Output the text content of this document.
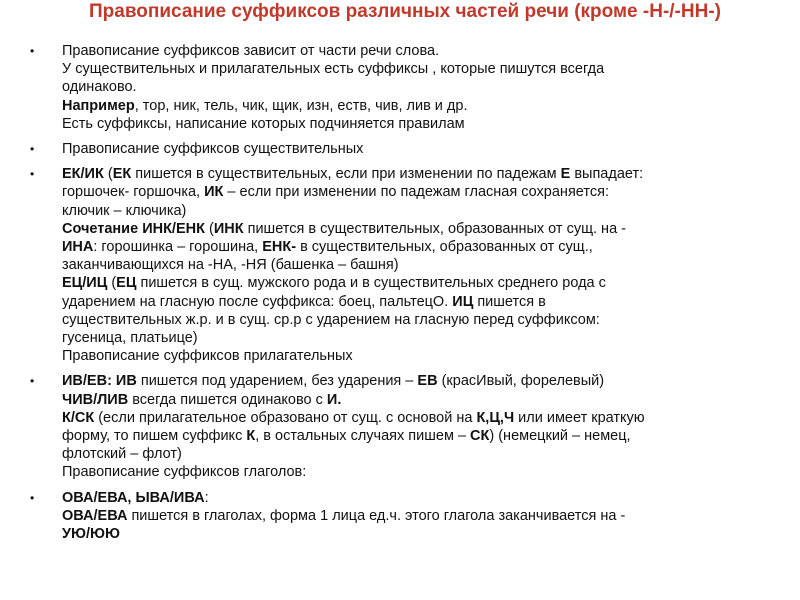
Правописание суффиксов различных частей речи (кроме -Н-/-НН-)
• Правописание суффиксов зависит от части речи слова.
У существительных и прилагательных есть суффиксы , которые пишутся всегда
одинаково.
Например, тор, ник, тель, чик, щик, изн, еств, чив, лив и др.
Есть суффиксы, написание которых подчиняется правилам
• Правописание суффиксов существительных
• ЕК/ИК (ЕК пишется в существительных, если при изменении по падежам Е выпадает:
горшочек- горшочка, ИК – если при изменении по падежам гласная сохраняется:
ключик – ключика)
Сочетание ИНК/ЕНК (ИНК пишется в существительных, образованных от сущ. на -
ИНА: горошинка – горошина, ЕНК- в существительных, образованных от сущ.,
заканчивающихся на -НА, -НЯ (башенка – башня)
ЕЦ/ИЦ (ЕЦ пишется в сущ. мужского рода и в существительных среднего рода с
ударением на гласную после суффикса: боец, пальтецО. ИЦ пишется в
существительных ж.р. и в сущ. ср.р с ударением на гласную перед суффиксом:
гусеница, платьице)
Правописание суффиксов прилагательных
• ИВ/ЕВ: ИВ пишется под ударением, без ударения – ЕВ (красИвый, форелевый)
ЧИВ/ЛИВ всегда пишется одинаково с И.
К/СК (если прилагательное образовано от сущ. с основой на К,Ц,Ч или имеет краткую
форму, то пишем суффикс К, в остальных случаях пишем – СК) (немецкий – немец,
флотский – флот)
Правописание суффиксов глаголов:
• ОВА/ЕВА, ЫВА/ИВА:
ОВА/ЕВА пишется в глаголах, форма 1 лица ед.ч. этого глагола заканчивается на -
УЮ/ЮЮ
